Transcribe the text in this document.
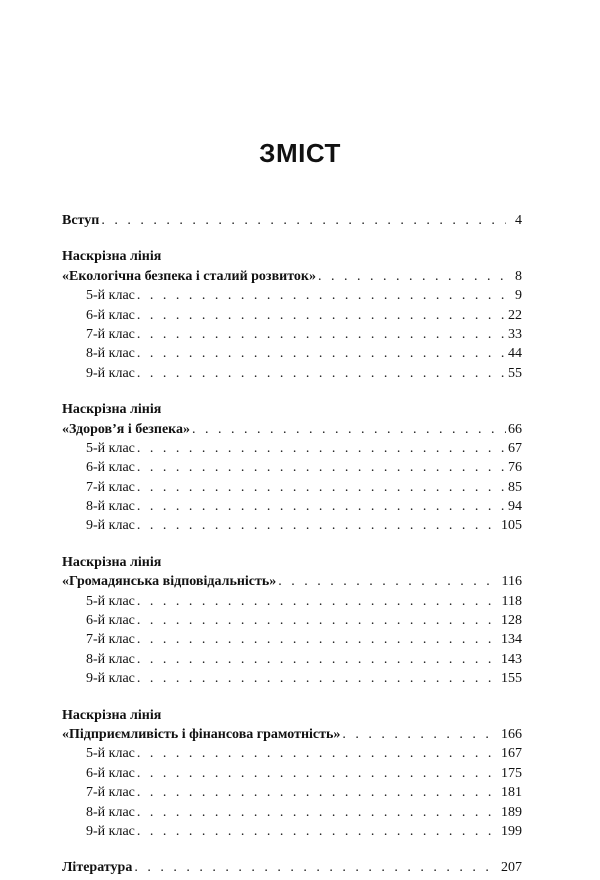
ЗМІСТ
Вступ . . .	4
Наскрізна лінія
«Екологічна безпека і сталий розвиток» . . .	8
5-й клас . . .	9
6-й клас . . .	22
7-й клас . . .	33
8-й клас . . .	44
9-й клас . . .	55
Наскрізна лінія
«Здоров’я і безпека» . . .	66
5-й клас . . .	67
6-й клас . . .	76
7-й клас . . .	85
8-й клас . . .	94
9-й клас . . .	105
Наскрізна лінія
«Громадянська відповідальність» . . .	116
5-й клас . . .	118
6-й клас . . .	128
7-й клас . . .	134
8-й клас . . .	143
9-й клас . . .	155
Наскрізна лінія
«Підприємливість і фінансова грамотність» . . .	166
5-й клас . . .	167
6-й клас . . .	175
7-й клас . . .	181
8-й клас . . .	189
9-й клас . . .	199
Література . . .	207
